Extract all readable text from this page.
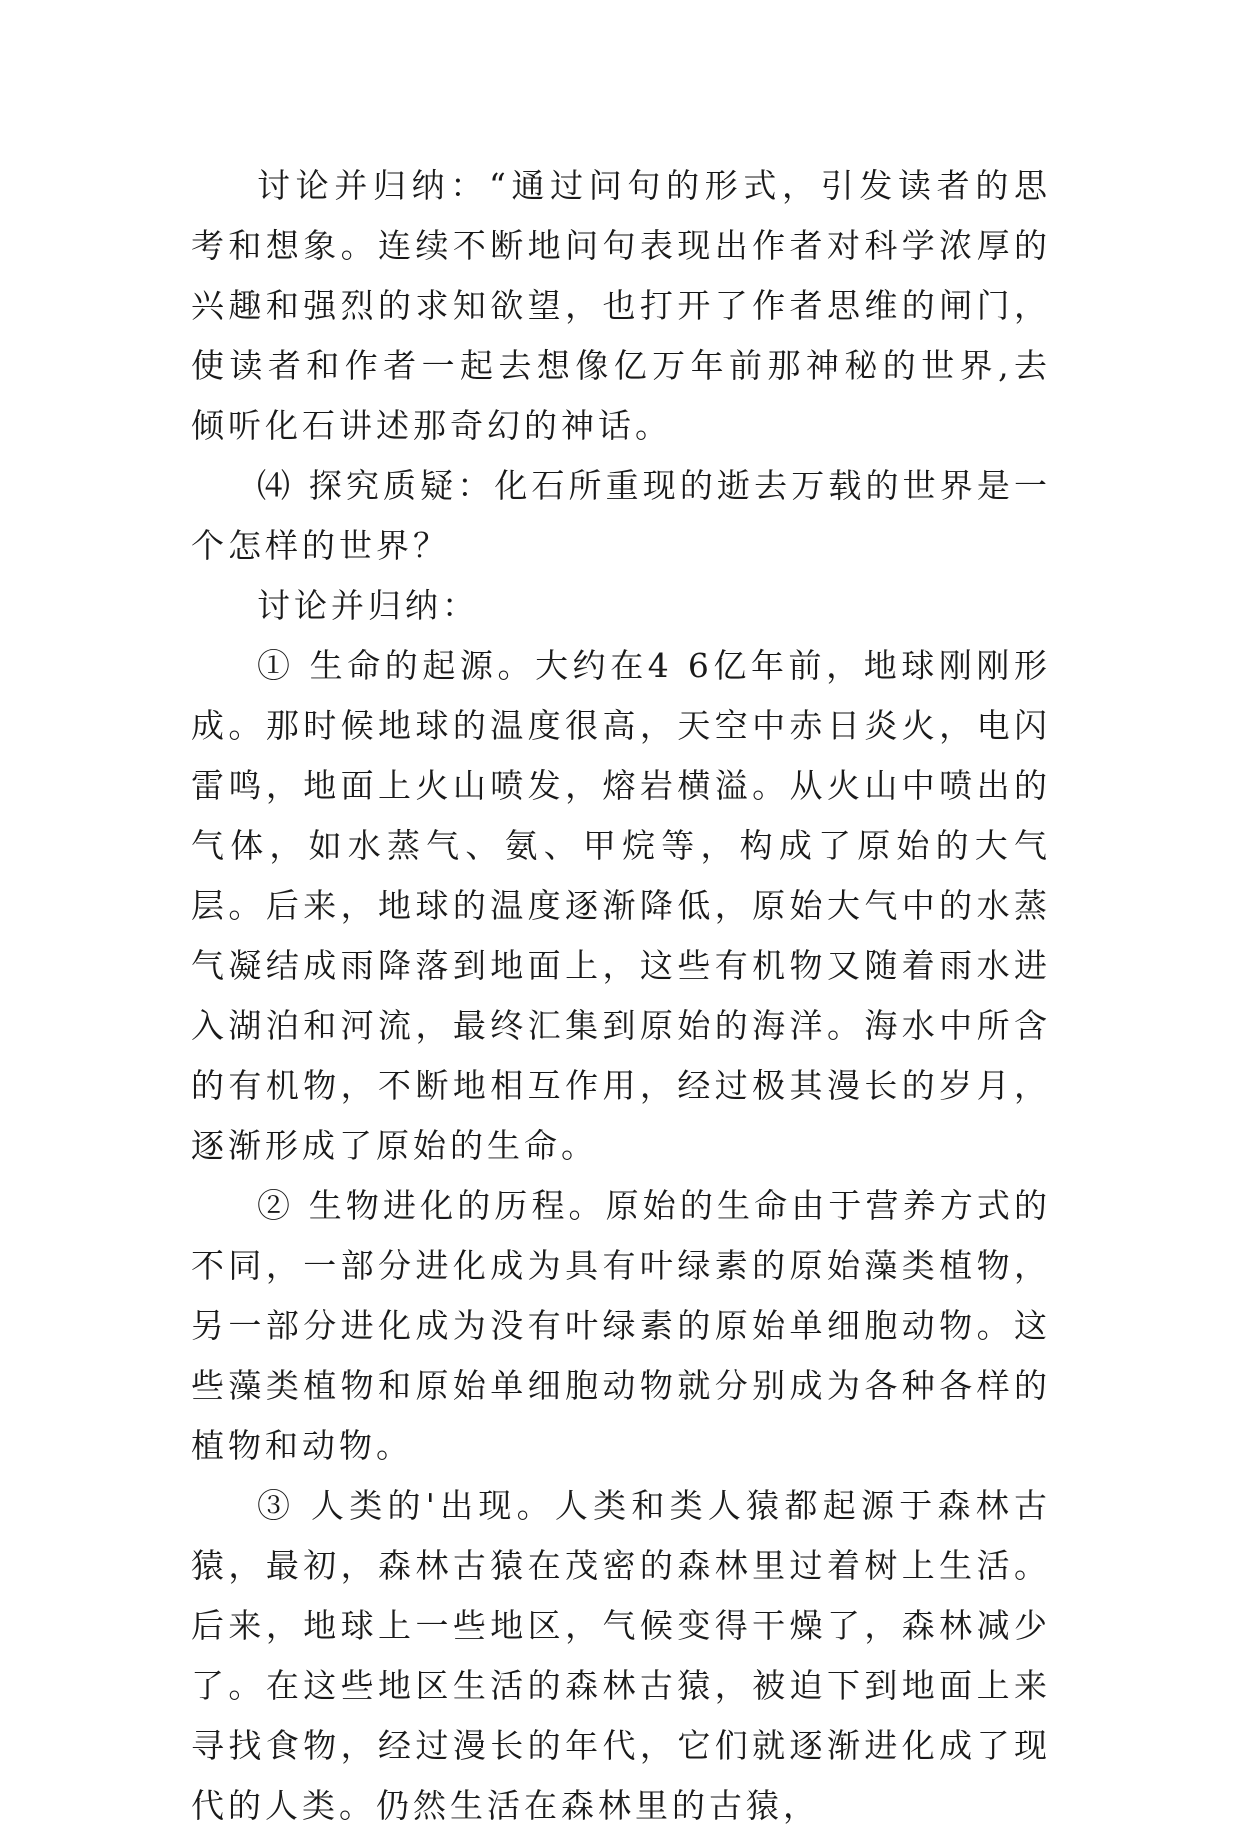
讨论并归纳：“通过问句的形式，引发读者的思考和想象。连续不断地问句表现出作者对科学浓厚的兴趣和强烈的求知欲望，也打开了作者思维的闸门，使读者和作者一起去想像亿万年前那神秘的世界,去倾听化石讲述那奇幻的神话。

⑷ 探究质疑：化石所重现的逝去万载的世界是一个怎样的世界？

讨论并归纳：

① 生命的起源。大约在4 6亿年前，地球刚刚形成。那时候地球的温度很高，天空中赤日炎火，电闪雷鸣，地面上火山喷发，熔岩横溢。从火山中喷出的气体，如水蒸气、氨、甲烷等，构成了原始的大气层。后来，地球的温度逐渐降低，原始大气中的水蒸气凝结成雨降落到地面上，这些有机物又随着雨水进入湖泊和河流，最终汇集到原始的海洋。海水中所含的有机物，不断地相互作用，经过极其漫长的岁月，逐渐形成了原始的生命。

② 生物进化的历程。原始的生命由于营养方式的不同，一部分进化成为具有叶绿素的原始藻类植物，另一部分进化成为没有叶绿素的原始单细胞动物。这些藻类植物和原始单细胞动物就分别成为各种各样的植物和动物。

③ 人类的'出现。人类和类人猿都起源于森林古猿，最初，森林古猿在茂密的森林里过着树上生活。后来，地球上一些地区，气候变得干燥了，森林减少了。在这些地区生活的森林古猿，被迫下到地面上来寻找食物，经过漫长的年代，它们就逐渐进化成了现代的人类。仍然生活在森林里的古猿，
